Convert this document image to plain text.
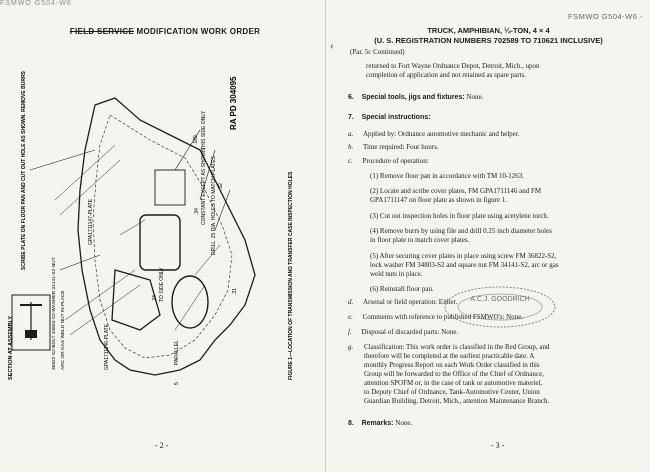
FSMWO G504-W6
FIELD SERVICE MODIFICATION WORK ORDER
SCRIBE PLATE ON FLOOR PAN AND CUT OUT HOLE AS SHOWN. REMOVE BURRS
SECTION AT ASSEMBLY	36822-S2-BOLT 34803-S2-WASHER 34141-S2-NUT ARC OR GAS WELD NUT IN PLACE	GPA1711146-PLATE
GPA1711147-PLATE
PARALLEL
5
TO SIDE ONLY
.24
CONSTANT EXCEPT AS SHOWN
.34
THIS SIDE ONLY
.189
DRILL .25 DIA. HOLES TO MATCH PLATES .32
.31
RA PD 304095
FIGURE 1—LOCATION OF TRANSMISSION AND TRANSFER CASE INSPECTION HOLES
- 2 -
FSMWO G504-W6 -
TRUCK, AMPHIBIAN, ¼-TON, 4 × 4
(U. S. REGISTRATION NUMBERS 702589 TO 710621 INCLUSIVE)
‹ (Par. 5c Continued)
returned to Fort Wayne Ordnance Depot, Detroit, Mich., upon
completion of application and not retained as spare parts.
6. Special tools, jigs and fixtures: None.
7. Special instructions:
a. Applied by: Ordnance automotive mechanic and helper.
b. Time required: Four hours.
c. Procedure of operation:
(1) Remove floor pan in accordance with TM 10-1263.
(2) Locate and scribe cover plates, FM GPA1711146 and FM
GPA1711147 on floor plate as shown in figure 1.
(3) Cut out inspection holes in floor plate using acetylene torch.
(4) Remove burrs by using file and drill 0.25 inch diameter holes
in floor plate to match cover plates.
(5) After securing cover plates in place using screw FM 36822-S2,
lock washer FM 34803-S2 and square nut FM 34141-S2, arc or gas
weld nuts in place.
(6) Reinstall floor pan.
d. Arsenal or field operation: Either.
e. Comments with reference to published FSMWO's: None.
f. Disposal of discarded parts: None.
g. Classification: This work order is classified in the Red Group, and
therefore will be completed at the earliest practicable date. A
monthly Progress Report on each Work Order classified in this
Group will be forwarded to the Office of the Chief of Ordnance,
attention SPOFM or, in the case of tank or automotive materiel,
to Deputy Chief of Ordnance, Tank-Automotive Center, Union
Guardian Building, Detroit, Mich., attention Maintenance Branch.
8. Remarks: None.
- 3 -
A.C.J. GOODRICH
